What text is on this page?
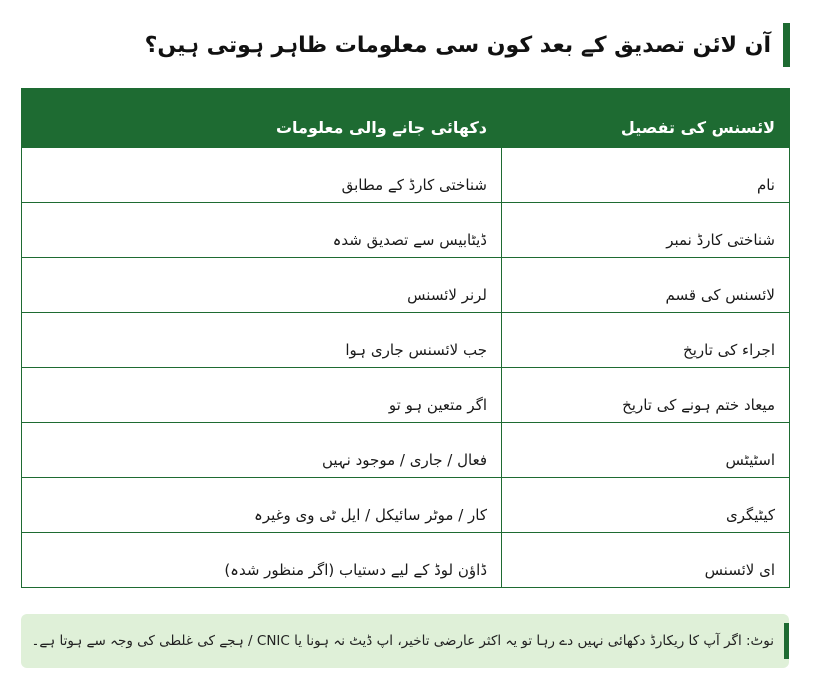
آن لائن تصدیق کے بعد کون سی معلومات ظاہر ہوتی ہیں؟
لائسنس کی تفصیل	دکھائی جانے والی معلومات
نام	شناختی کارڈ کے مطابق
شناختی کارڈ نمبر	ڈیٹابیس سے تصدیق شدہ
لائسنس کی قسم	لرنر لائسنس
اجراء کی تاریخ	جب لائسنس جاری ہوا
میعاد ختم ہونے کی تاریخ	اگر متعین ہو تو
اسٹیٹس	فعال / جاری / موجود نہیں
کیٹیگری	کار / موٹر سائیکل / ایل ٹی وی وغیرہ
ای لائسنس	ڈاؤن لوڈ کے لیے دستیاب (اگر منظور شدہ)
نوٹ: اگر آپ کا ریکارڈ دکھائی نہیں دے رہا تو یہ اکثر عارضی تاخیر، اپ ڈیٹ نہ ہونا یا CNIC / ہجے کی غلطی کی وجہ سے ہوتا ہے۔
